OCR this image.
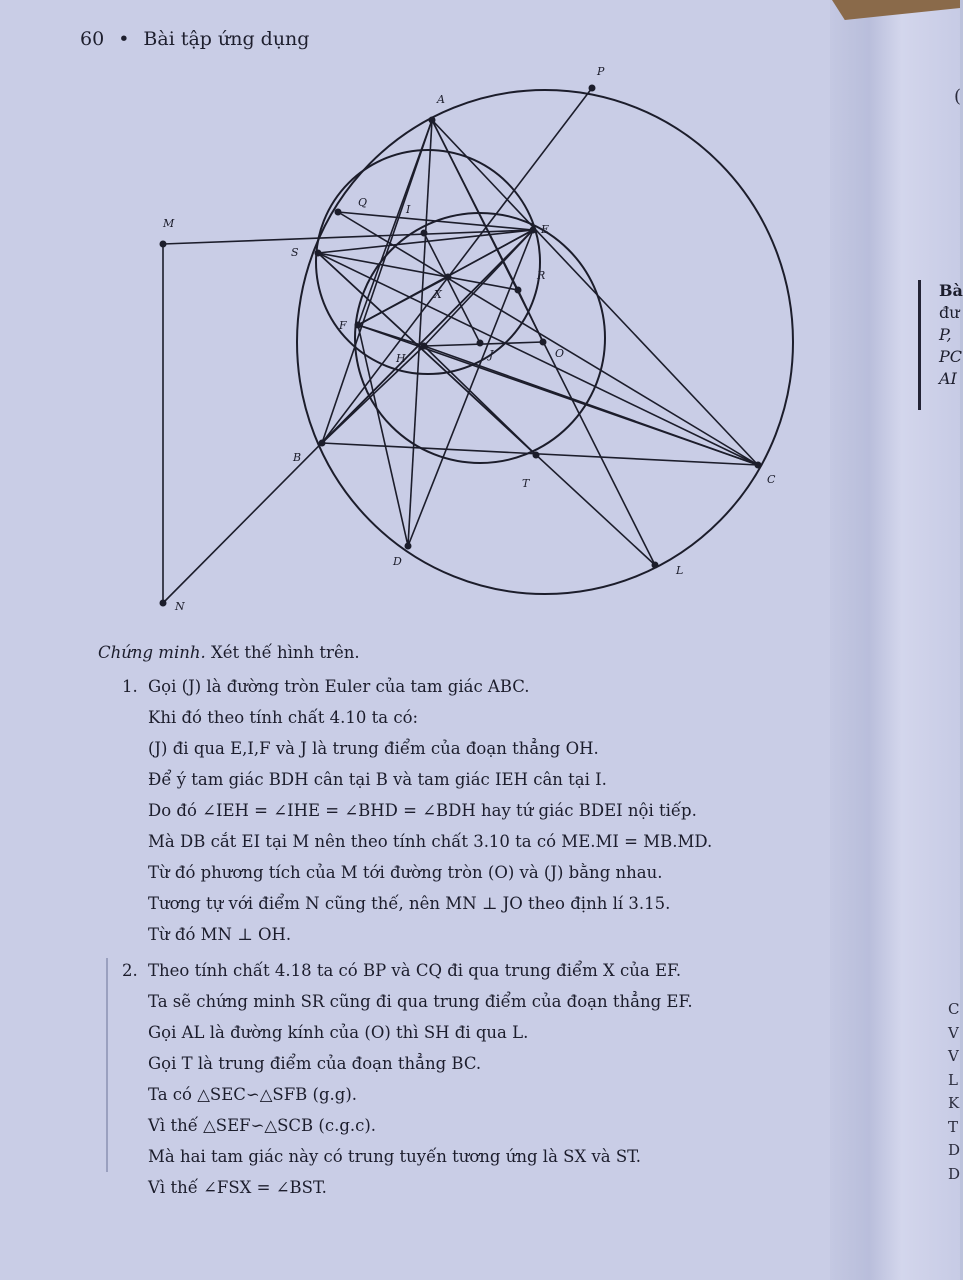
60 • Bài tập ứng dụng
P
A
Q
I
E
M
S
R
X
F
H	J	O
B
C
T
D
L
N
Chứng minh. Xét thế hình trên.
1. Gọi (J) là đường tròn Euler của tam giác ABC.
Khi đó theo tính chất 4.10 ta có:
(J) đi qua E,I,F và J là trung điểm của đoạn thẳng OH.
Để ý tam giác BDH cân tại B và tam giác IEH cân tại I.
Do đó ∠IEH = ∠IHE = ∠BHD = ∠BDH hay tứ giác BDEI nội tiếp.
Mà DB cắt EI tại M nên theo tính chất 3.10 ta có ME.MI = MB.MD.
Từ đó phương tích của M tới đường tròn (O) và (J) bằng nhau.
Tương tự với điểm N cũng thế, nên MN ⊥ JO theo định lí 3.15.
Từ đó MN ⊥ OH.
2. Theo tính chất 4.18 ta có BP và CQ đi qua trung điểm X của EF.
Ta sẽ chứng minh SR cũng đi qua trung điểm của đoạn thẳng EF.
Gọi AL là đường kính của (O) thì SH đi qua L.
Gọi T là trung điểm của đoạn thẳng BC.
Ta có △SEC∽△SFB (g.g).
Vì thế △SEF∽△SCB (c.g.c).
Mà hai tam giác này có trung tuyến tương ứng là SX và ST.
Vì thế ∠FSX = ∠BST.
(
Bà
đư
P,
PC
AI
C
V
V
L
K
T
D
D
